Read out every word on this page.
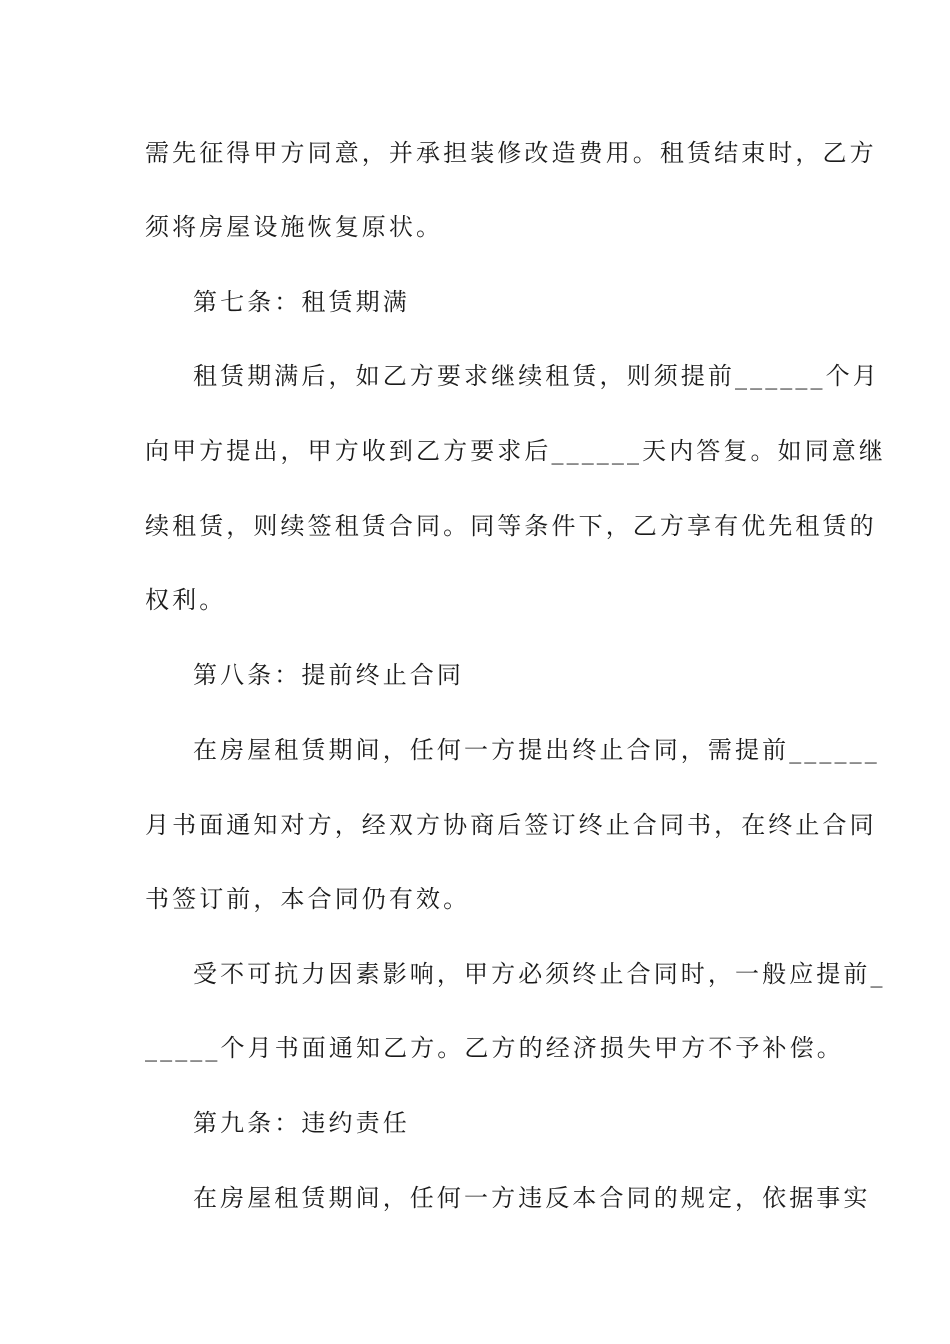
需先征得甲方同意，并承担装修改造费用。租赁结束时，乙方
须将房屋设施恢复原状。
第七条：租赁期满
租赁期满后，如乙方要求继续租赁，则须提前______个月
向甲方提出，甲方收到乙方要求后______天内答复。如同意继
续租赁，则续签租赁合同。同等条件下，乙方享有优先租赁的
权利。
第八条：提前终止合同
在房屋租赁期间，任何一方提出终止合同，需提前______
月书面通知对方，经双方协商后签订终止合同书，在终止合同
书签订前，本合同仍有效。
受不可抗力因素影响，甲方必须终止合同时，一般应提前_
_____个月书面通知乙方。乙方的经济损失甲方不予补偿。
第九条：违约责任
在房屋租赁期间，任何一方违反本合同的规定，依据事实
